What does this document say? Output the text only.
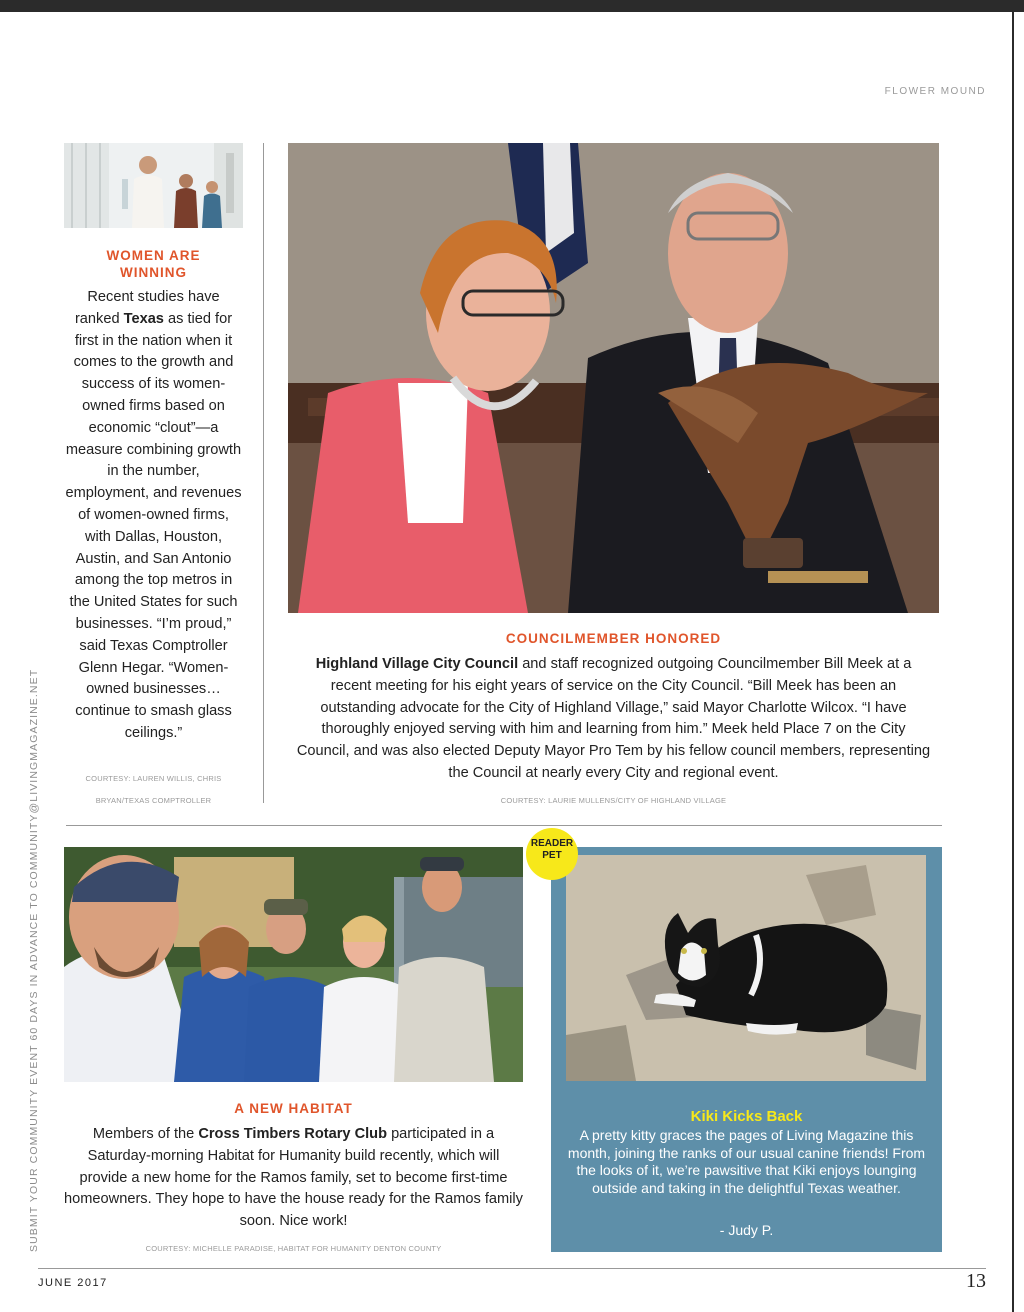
FLOWER MOUND
SUBMIT YOUR COMMUNITY EVENT 60 DAYS IN ADVANCE TO COMMUNITY@LIVINGMAGAZINE.NET
WOMEN ARE
WINNING
Recent studies have ranked Texas as tied for first in the nation when it comes to the growth and success of its women-owned firms based on economic “clout”—a measure combining growth in the number, employment, and revenues of women-owned firms, with Dallas, Houston, Austin, and San Antonio among the top metros in the United States for such businesses. “I’m proud,” said Texas Comptroller Glenn Hegar. “Women-owned businesses… continue to smash glass ceilings.”
COURTESY: LAUREN WILLIS, CHRIS BRYAN/TEXAS COMPTROLLER
COUNCILMEMBER HONORED
Highland Village City Council and staff recognized outgoing Councilmember Bill Meek at a recent meeting for his eight years of service on the City Council. “Bill Meek has been an outstanding advocate for the City of Highland Village,” said Mayor Charlotte Wilcox. “I have thoroughly enjoyed serving with him and learning from him.” Meek held Place 7 on the City Council, and was also elected Deputy Mayor Pro Tem by his fellow council members, representing the Council at nearly every City and regional event.
COURTESY: LAURIE MULLENS/CITY OF HIGHLAND VILLAGE
A NEW HABITAT
Members of the Cross Timbers Rotary Club participated in a Saturday-morning Habitat for Humanity build recently, which will provide a new home for the Ramos family, set to become first-time homeowners. They hope to have the house ready for the Ramos family soon. Nice work!
COURTESY: MICHELLE PARADISE, HABITAT FOR HUMANITY DENTON COUNTY
READER
PET
Kiki Kicks Back
A pretty kitty graces the pages of Living Magazine this month, joining the ranks of our usual canine friends! From the looks of it, we’re pawsitive that Kiki enjoys lounging outside and taking in the delightful Texas weather.
- Judy P.
JUNE 2017	13
